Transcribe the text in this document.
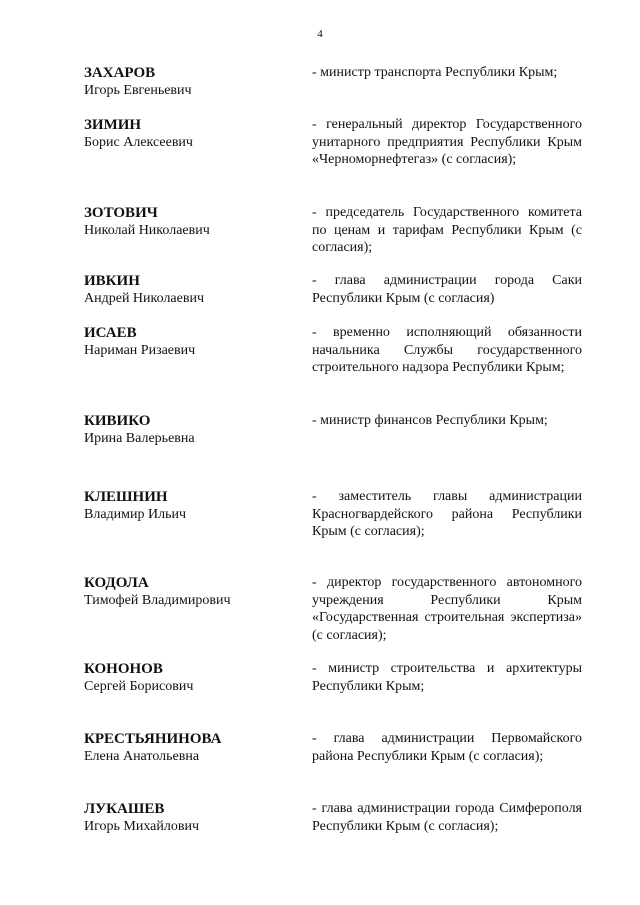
4
ЗАХАРОВ
Игорь Евгеньевич
- министр транспорта Республики Крым;
ЗИМИН
Борис Алексеевич
- генеральный директор Государственного унитарного предприятия Республики Крым «Черноморнефтегаз» (с согласия);
ЗОТОВИЧ
Николай Николаевич
- председатель Государственного комитета по ценам и тарифам Республики Крым (с согласия);
ИВКИН
Андрей Николаевич
- глава администрации города Саки Республики Крым (с согласия)
ИСАЕВ
Нариман Ризаевич
- временно исполняющий обязанности начальника Службы государственного строительного надзора Республики Крым;
КИВИКО
Ирина Валерьевна
- министр финансов Республики Крым;
КЛЕШНИН
Владимир Ильич
- заместитель главы администрации Красногвардейского района Республики Крым (с согласия);
КОДОЛА
Тимофей Владимирович
- директор государственного автономного учреждения Республики Крым «Государственная строительная экспертиза» (с согласия);
КОНОНОВ
Сергей Борисович
- министр строительства и архитектуры Республики Крым;
КРЕСТЬЯНИНОВА
Елена Анатольевна
- глава администрации Первомайского района Республики Крым (с согласия);
ЛУКАШЕВ
Игорь Михайлович
- глава администрации города Симферополя Республики Крым (с согласия);
